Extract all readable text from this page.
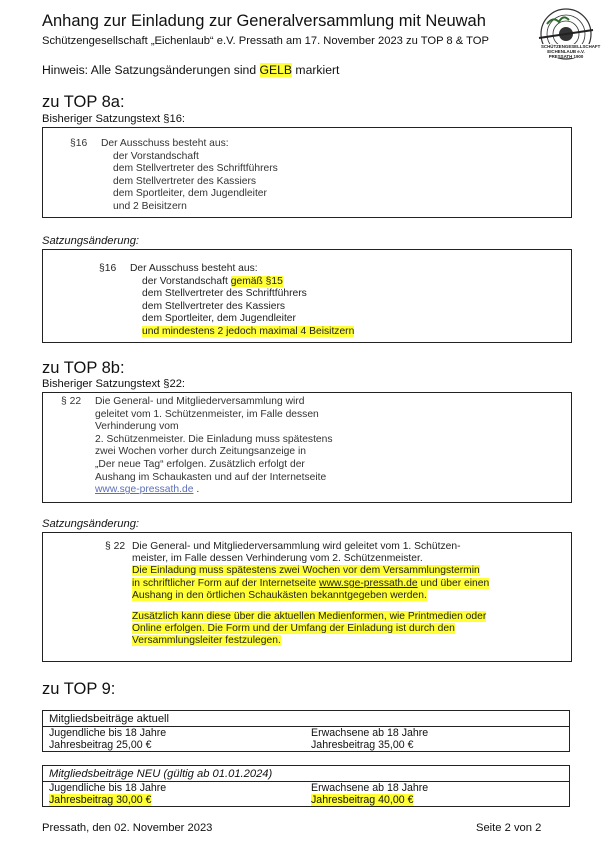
Anhang zur Einladung zur Generalversammlung mit Neuwah
Schützengesellschaft „Eichenlaub“ e.V. Pressath am 17. November 2023 zu TOP 8 & TOP	SCHÜTZENGESELLSCHAFT
EICHENLAUB e.V.
PRESSATH 1900
Hinweis: Alle Satzungsänderungen sind GELB markiert
zu TOP 8a:
Bisheriger Satzungstext §16:
§16 Der Ausschuss besteht aus:
der Vorstandschaft
dem Stellvertreter des Schriftführers
dem Stellvertreter des Kassiers
dem Sportleiter, dem Jugendleiter
und 2 Beisitzern
Satzungsänderung:
§16 Der Ausschuss besteht aus:
der Vorstandschaft gemäß §15
dem Stellvertreter des Schriftführers
dem Stellvertreter des Kassiers
dem Sportleiter, dem Jugendleiter
und mindestens 2 jedoch maximal 4 Beisitzern
zu TOP 8b:
Bisheriger Satzungstext §22:
§ 22 Die General- und Mitgliederversammlung wird
geleitet vom 1. Schützenmeister, im Falle dessen
Verhinderung vom
2. Schützenmeister. Die Einladung muss spätestens
zwei Wochen vorher durch Zeitungsanzeige in
„Der neue Tag“ erfolgen. Zusätzlich erfolgt der
Aushang im Schaukasten und auf der Internetseite
www.sge-pressath.de .
Satzungsänderung:
§ 22 Die General- und Mitgliederversammlung wird geleitet vom 1. Schützen-
meister, im Falle dessen Verhinderung vom 2. Schützenmeister.
Die Einladung muss spätestens zwei Wochen vor dem Versammlungstermin
in schriftlicher Form auf der Internetseite www.sge-pressath.de und über einen
Aushang in den örtlichen Schaukästen bekanntgegeben werden.
Zusätzlich kann diese über die aktuellen Medienformen, wie Printmedien oder
Online erfolgen. Die Form und der Umfang der Einladung ist durch den
Versammlungsleiter festzulegen.
zu TOP 9:
Mitgliedsbeiträge aktuell
Jugendliche bis 18 Jahre
Jahresbeitrag 25,00 €
Erwachsene ab 18 Jahre
Jahresbeitrag 35,00 €
Mitgliedsbeiträge NEU (gültig ab 01.01.2024)
Jugendliche bis 18 Jahre
Jahresbeitrag 30,00 €
Erwachsene ab 18 Jahre
Jahresbeitrag 40,00 €
Pressath, den 02. November 2023	Seite 2 von 2
